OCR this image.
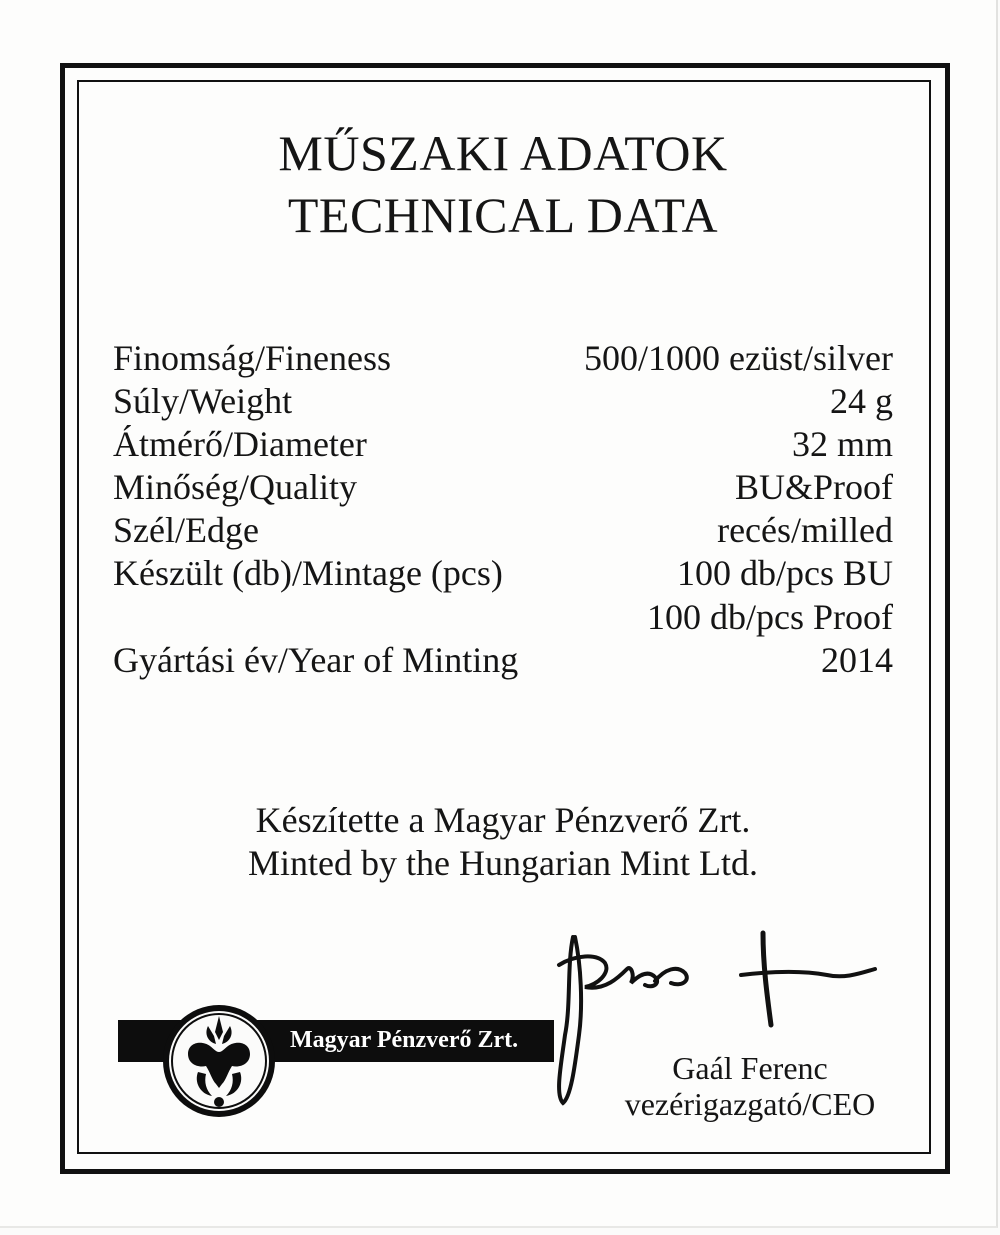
MŰSZAKI ADATOK
TECHNICAL DATA
Finomság/Fineness	500/1000 ezüst/silver
Súly/Weight	24 g
Átmérő/Diameter	32 mm
Minőség/Quality	BU&Proof
Szél/Edge	recés/milled
Készült (db)/Mintage (pcs)	100 db/pcs BU
100 db/pcs Proof
Gyártási év/Year of Minting	2014
Készítette a Magyar Pénzverő Zrt.
Minted by the Hungarian Mint Ltd.
Magyar Pénzverő Zrt.
Gaál Ferenc
vezérigazgató/CEO
